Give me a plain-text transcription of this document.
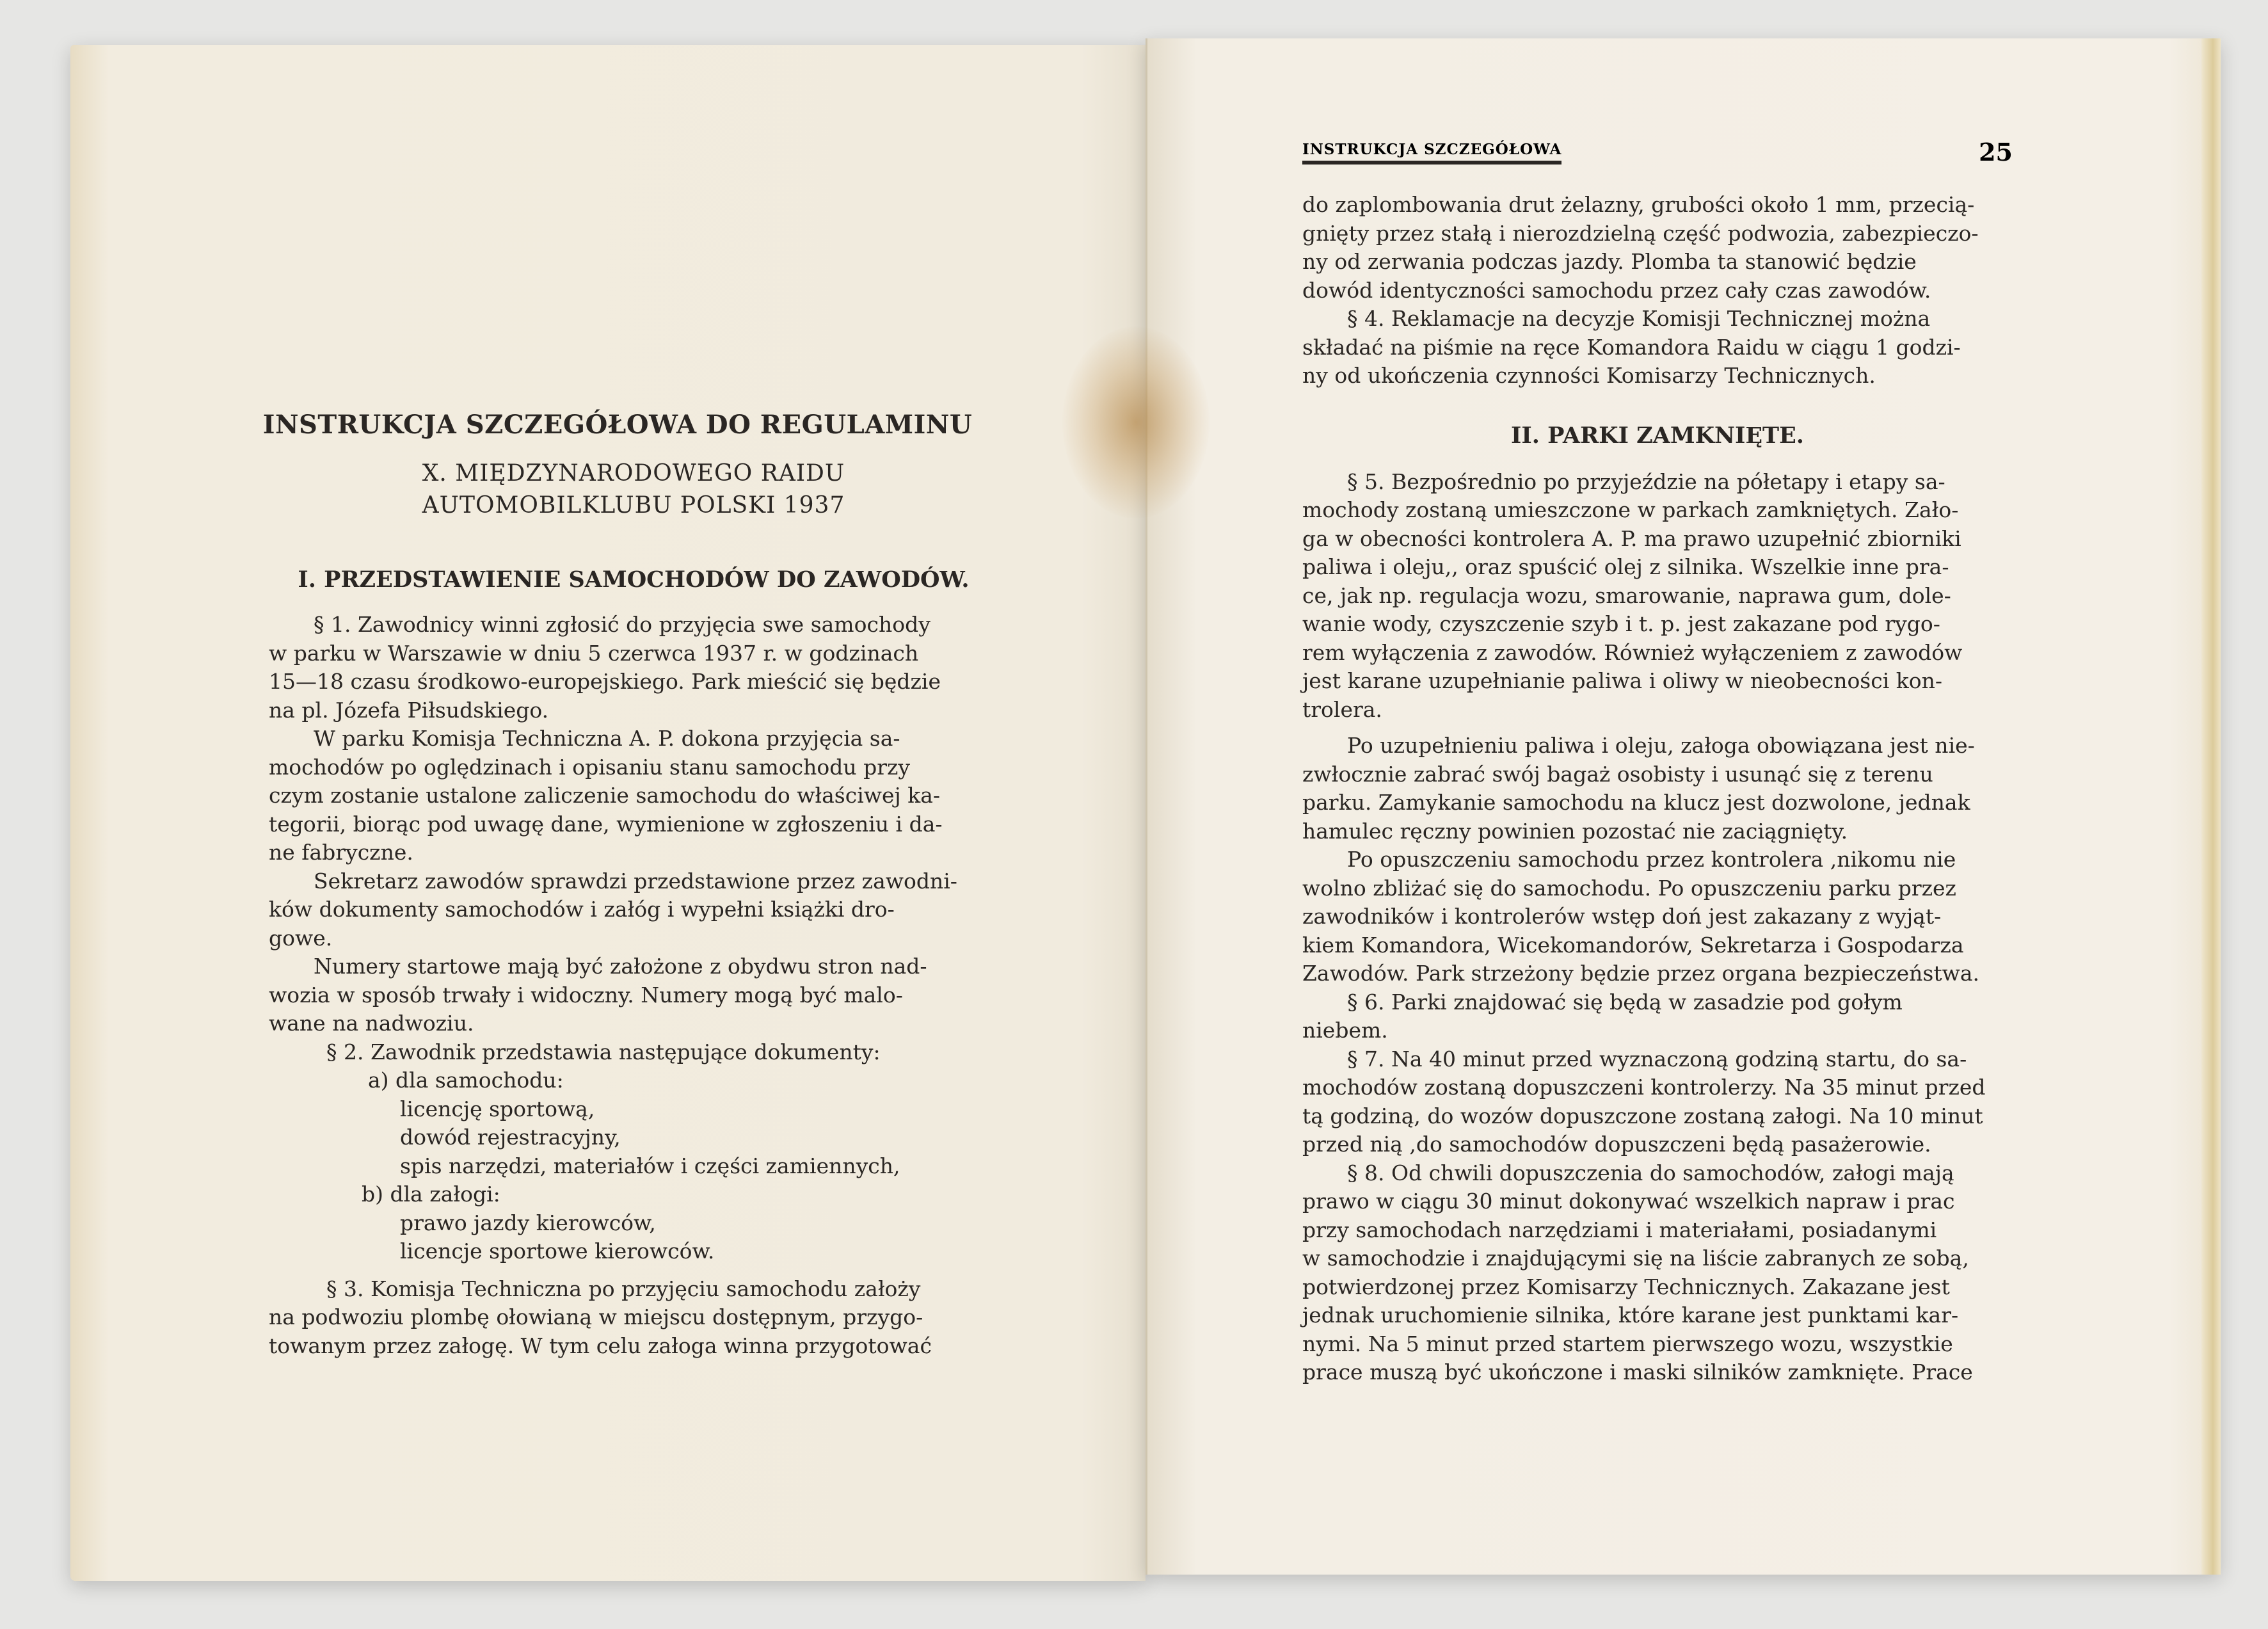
INSTRUKCJA SZCZEGÓŁOWA DO REGULAMINU

X. MIĘDZYNARODOWEGO RAIDU

AUTOMOBILKLUBU POLSKI 1937

I. PRZEDSTAWIENIE SAMOCHODÓW DO ZAWODÓW.

§ 1. Zawodnicy winni zgłosić do przyjęcia swe samochody
w parku w Warszawie w dniu 5 czerwca 1937 r. w godzinach
15—18 czasu środkowo-europejskiego. Park mieścić się będzie
na pl. Józefa Piłsudskiego.

W parku Komisja Techniczna A. P. dokona przyjęcia sa-
mochodów po oględzinach i opisaniu stanu samochodu przy
czym zostanie ustalone zaliczenie samochodu do właściwej ka-
tegorii, biorąc pod uwagę dane, wymienione w zgłoszeniu i da-
ne fabryczne.

Sekretarz zawodów sprawdzi przedstawione przez zawodni-
ków dokumenty samochodów i załóg i wypełni książki dro-
gowe.

Numery startowe mają być założone z obydwu stron nad-
wozia w sposób trwały i widoczny. Numery mogą być malo-
wane na nadwoziu.

§ 2. Zawodnik przedstawia następujące dokumenty:

a) dla samochodu:

licencję sportową,
dowód rejestracyjny,
spis narzędzi, materiałów i części zamiennych,

b) dla załogi:

prawo jazdy kierowców,
licencje sportowe kierowców.

§ 3. Komisja Techniczna po przyjęciu samochodu założy
na podwoziu plombę ołowianą w miejscu dostępnym, przygo-
towanym przez załogę. W tym celu załoga winna przygotować

INSTRUKCJA SZCZEGÓŁOWA	25

do zaplombowania drut żelazny, grubości około 1 mm, przecią-
gnięty przez stałą i nierozdzielną część podwozia, zabezpieczo-
ny od zerwania podczas jazdy. Plomba ta stanowić będzie
dowód identyczności samochodu przez cały czas zawodów.

§ 4. Reklamacje na decyzje Komisji Technicznej można
składać na piśmie na ręce Komandora Raidu w ciągu 1 godzi-
ny od ukończenia czynności Komisarzy Technicznych.

II. PARKI ZAMKNIĘTE.

§ 5. Bezpośrednio po przyjeździe na półetapy i etapy sa-
mochody zostaną umieszczone w parkach zamkniętych. Zało-
ga w obecności kontrolera A. P. ma prawo uzupełnić zbiorniki
paliwa i oleju,, oraz spuścić olej z silnika. Wszelkie inne pra-
ce, jak np. regulacja wozu, smarowanie, naprawa gum, dole-
wanie wody, czyszczenie szyb i t. p. jest zakazane pod rygo-
rem wyłączenia z zawodów. Również wyłączeniem z zawodów
jest karane uzupełnianie paliwa i oliwy w nieobecności kon-
trolera.

Po uzupełnieniu paliwa i oleju, załoga obowiązana jest nie-
zwłocznie zabrać swój bagaż osobisty i usunąć się z terenu
parku. Zamykanie samochodu na klucz jest dozwolone, jednak
hamulec ręczny powinien pozostać nie zaciągnięty.

Po opuszczeniu samochodu przez kontrolera ,nikomu nie
wolno zbliżać się do samochodu. Po opuszczeniu parku przez
zawodników i kontrolerów wstęp doń jest zakazany z wyjąt-
kiem Komandora, Wicekomandorów, Sekretarza i Gospodarza
Zawodów. Park strzeżony będzie przez organa bezpieczeństwa.

§ 6. Parki znajdować się będą w zasadzie pod gołym
niebem.

§ 7. Na 40 minut przed wyznaczoną godziną startu, do sa-
mochodów zostaną dopuszczeni kontrolerzy. Na 35 minut przed
tą godziną, do wozów dopuszczone zostaną załogi. Na 10 minut
przed nią ,do samochodów dopuszczeni będą pasażerowie.

§ 8. Od chwili dopuszczenia do samochodów, załogi mają
prawo w ciągu 30 minut dokonywać wszelkich napraw i prac
przy samochodach narzędziami i materiałami, posiadanymi
w samochodzie i znajdującymi się na liście zabranych ze sobą,
potwierdzonej przez Komisarzy Technicznych. Zakazane jest
jednak uruchomienie silnika, które karane jest punktami kar-
nymi. Na 5 minut przed startem pierwszego wozu, wszystkie
prace muszą być ukończone i maski silników zamknięte. Prace
